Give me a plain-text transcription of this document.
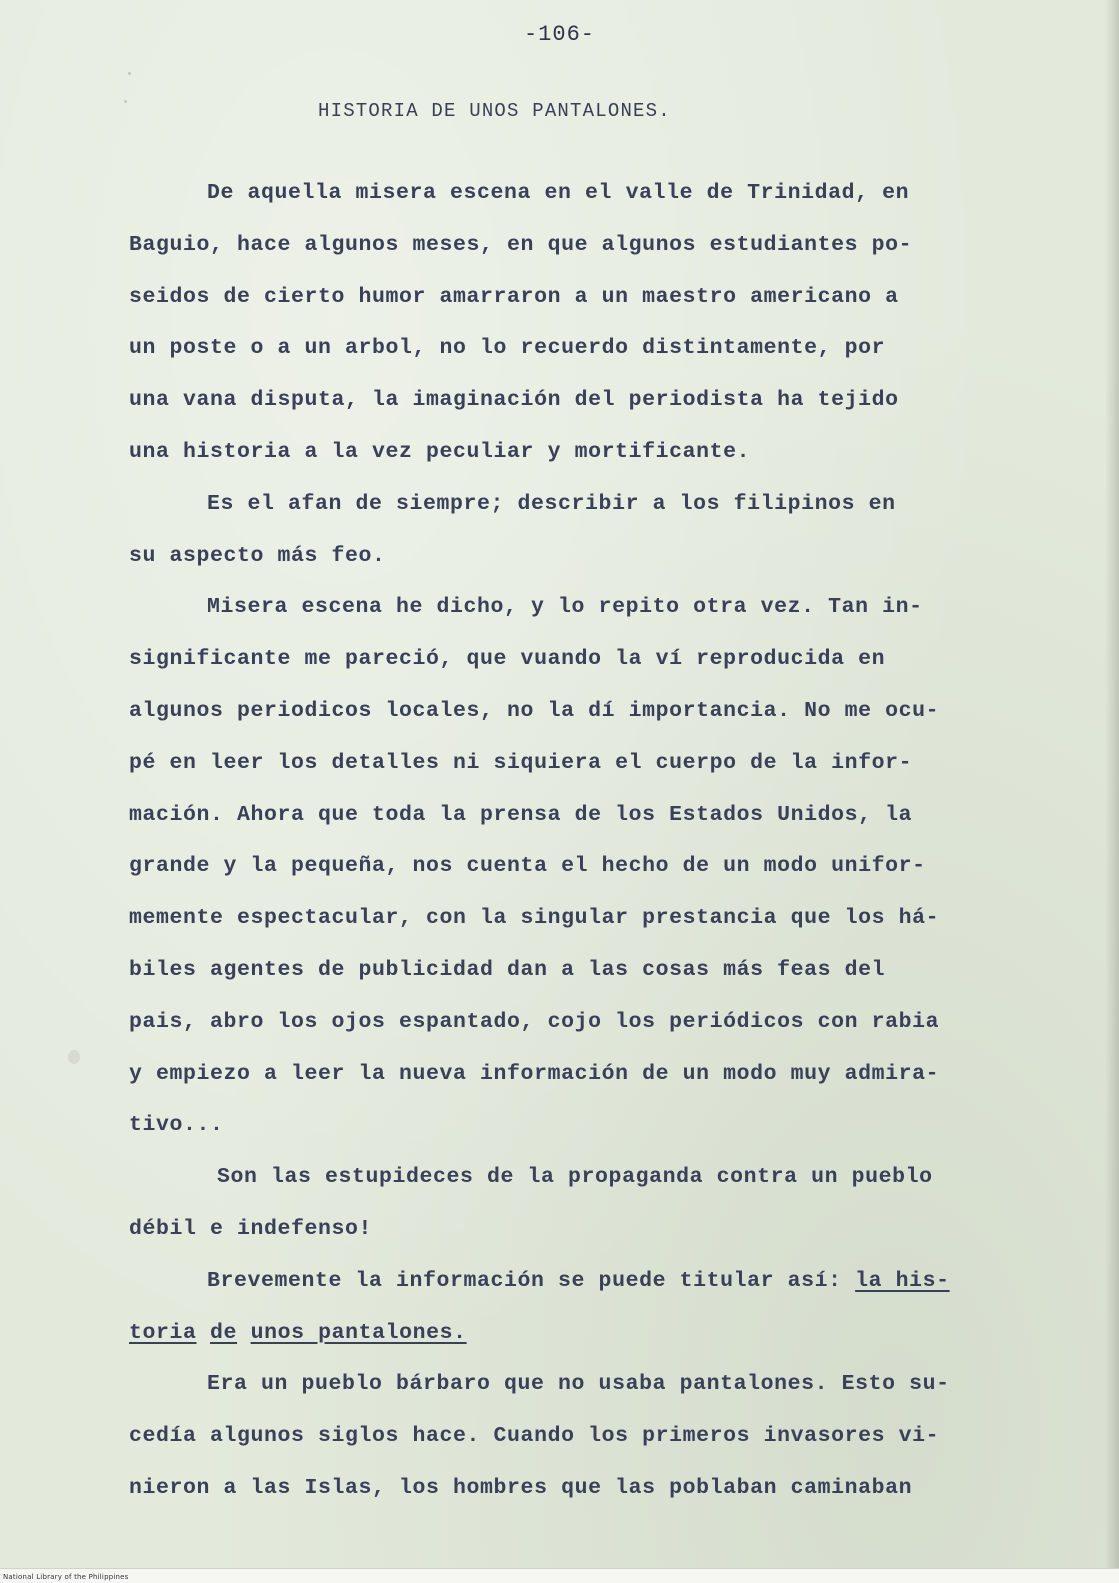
-106-
HISTORIA DE UNOS PANTALONES.
De aquella misera escena en el valle de Trinidad, en
Baguio, hace algunos meses, en que algunos estudiantes po-
seidos de cierto humor amarraron a un maestro americano a
un poste o a un arbol, no lo recuerdo distintamente, por
una vana disputa, la imaginación del periodista ha tejido
una historia a la vez peculiar y mortificante.
Es el afan de siempre; describir a los filipinos en
su aspecto más feo.
Misera escena he dicho, y lo repito otra vez. Tan in-
significante me pareció, que vuando la ví reproducida en
algunos periodicos locales, no la dí importancia. No me ocu-
pé en leer los detalles ni siquiera el cuerpo de la infor-
mación. Ahora que toda la prensa de los Estados Unidos, la
grande y la pequeña, nos cuenta el hecho de un modo unifor-
memente espectacular, con la singular prestancia que los há-
biles agentes de publicidad dan a las cosas más feas del
pais, abro los ojos espantado, cojo los periódicos con rabia
y empiezo a leer la nueva información de un modo muy admira-
tivo...
Son las estupideces de la propaganda contra un pueblo
débil e indefenso!
Brevemente la información se puede titular así: la his-
toria de unos pantalones.
Era un pueblo bárbaro que no usaba pantalones. Esto su-
cedía algunos siglos hace. Cuando los primeros invasores vi-
nieron a las Islas, los hombres que las poblaban caminaban
National Library of the Philippines
